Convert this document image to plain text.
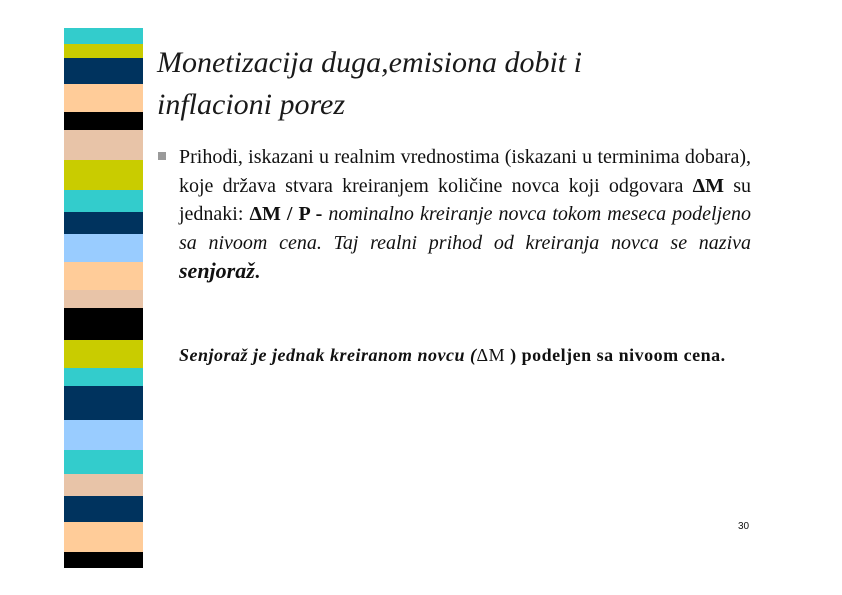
Monetizacija duga,emisiona dobit i
inflacioni porez
Prihodi, iskazani u realnim vrednostima (iskazani u terminima dobara), koje država stvara kreiranjem količine novca koji odgovara ΔM su jednaki: ΔM / P - nominalno kreiranje novca tokom meseca podeljeno sa nivoom cena. Taj realni prihod od kreiranja novca se naziva senjoraž.
Senjoraž je jednak kreiranom novcu (ΔM ) podeljen sa nivoom cena.
30
